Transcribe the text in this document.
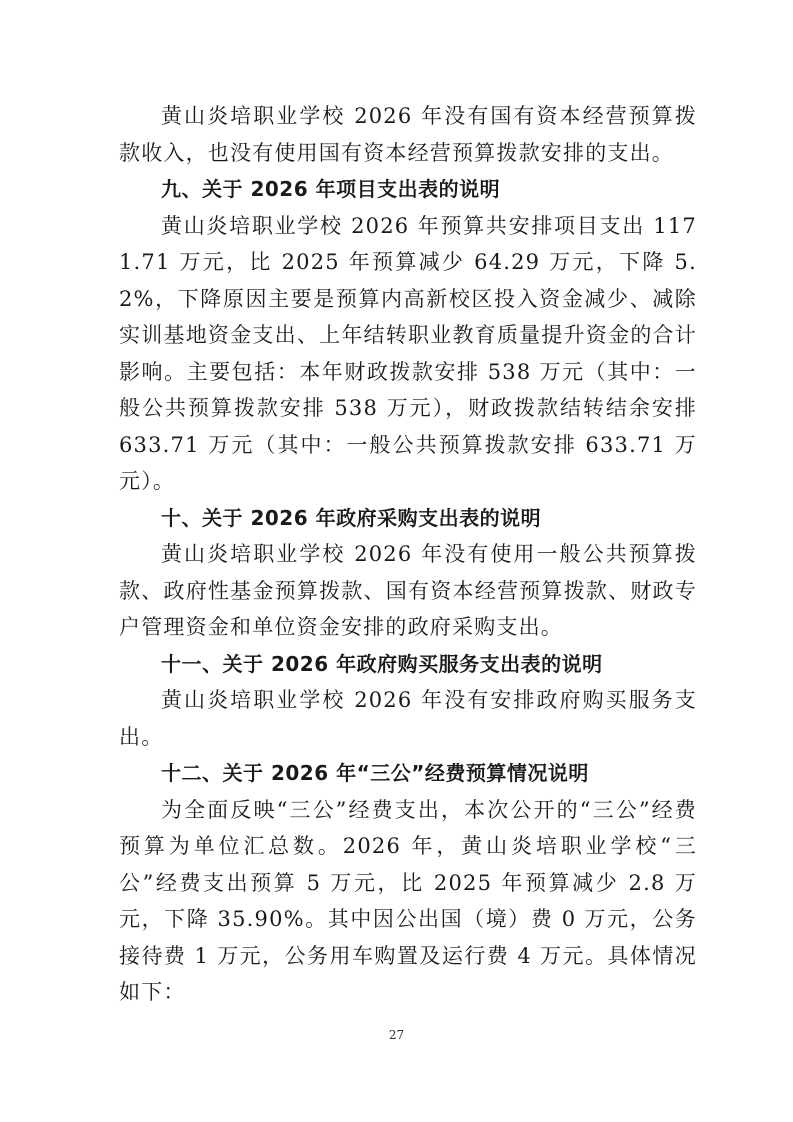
黄山炎培职业学校 2026 年没有国有资本经营预算拨款收入，也没有使用国有资本经营预算拨款安排的支出。

九、关于 2026 年项目支出表的说明

黄山炎培职业学校 2026 年预算共安排项目支出 1171.71 万元，比 2025 年预算减少 64.29 万元，下降 5.2%，下降原因主要是预算内高新校区投入资金减少、减除实训基地资金支出、上年结转职业教育质量提升资金的合计影响。主要包括：本年财政拨款安排 538 万元（其中：一般公共预算拨款安排 538 万元），财政拨款结转结余安排 633.71 万元（其中：一般公共预算拨款安排 633.71 万元）。

十、关于 2026 年政府采购支出表的说明

黄山炎培职业学校 2026 年没有使用一般公共预算拨款、政府性基金预算拨款、国有资本经营预算拨款、财政专户管理资金和单位资金安排的政府采购支出。

十一、关于 2026 年政府购买服务支出表的说明

黄山炎培职业学校 2026 年没有安排政府购买服务支出。

十二、关于 2026 年“三公”经费预算情况说明

为全面反映“三公”经费支出，本次公开的“三公”经费预算为单位汇总数。2026 年，黄山炎培职业学校“三公”经费支出预算 5 万元，比 2025 年预算减少 2.8 万元，下降 35.90%。其中因公出国（境）费 0 万元，公务接待费 1 万元，公务用车购置及运行费 4 万元。具体情况如下：

27
